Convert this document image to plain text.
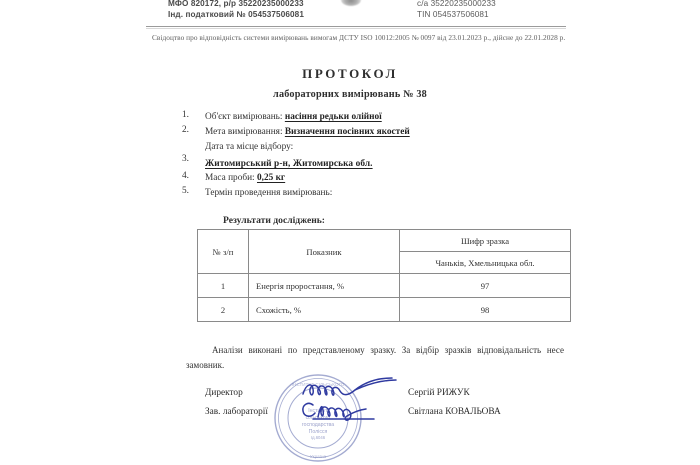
МФО 820172, р/р 35220235000233
Інд. податковий № 054537506081
с/а 35220235000233
TIN 054537506081
Свідоцтво про відповідність системи вимірювань вимогам ДСТУ ISO 10012:2005 № 0097 від 23.01.2023 р., дійсне до 22.01.2028 р.
ПРОТОКОЛ
лабораторних вимірювань № 38
1.	Об'єкт вимірювань: насіння редьки олійної
2.	Мета вимірювання: Визначення посівних якостей
3.
Дата та місце відбору:
Житомирський р-н, Житомирська обл.
4.	Маса проби: 0,25 кг
5.	Термін проведення вимірювань:
Результати досліджень:
№ з/п	Показник	Шифр зразка
		Чаньків, Хмельницька обл.
1	Енергія проростання, %	97
2	Схожість, %	98
Аналізи виконані по представленому зразку. За відбір зразків відповідальність несе замовник.
Інститут
сільського
господарства
Полісся
Ід.6046
ІНСТИТУТ СІЛЬСЬКОГО
Україна
Директор	Сергій РИЖУК
Зав. лабораторії	Світлана КОВАЛЬОВА
